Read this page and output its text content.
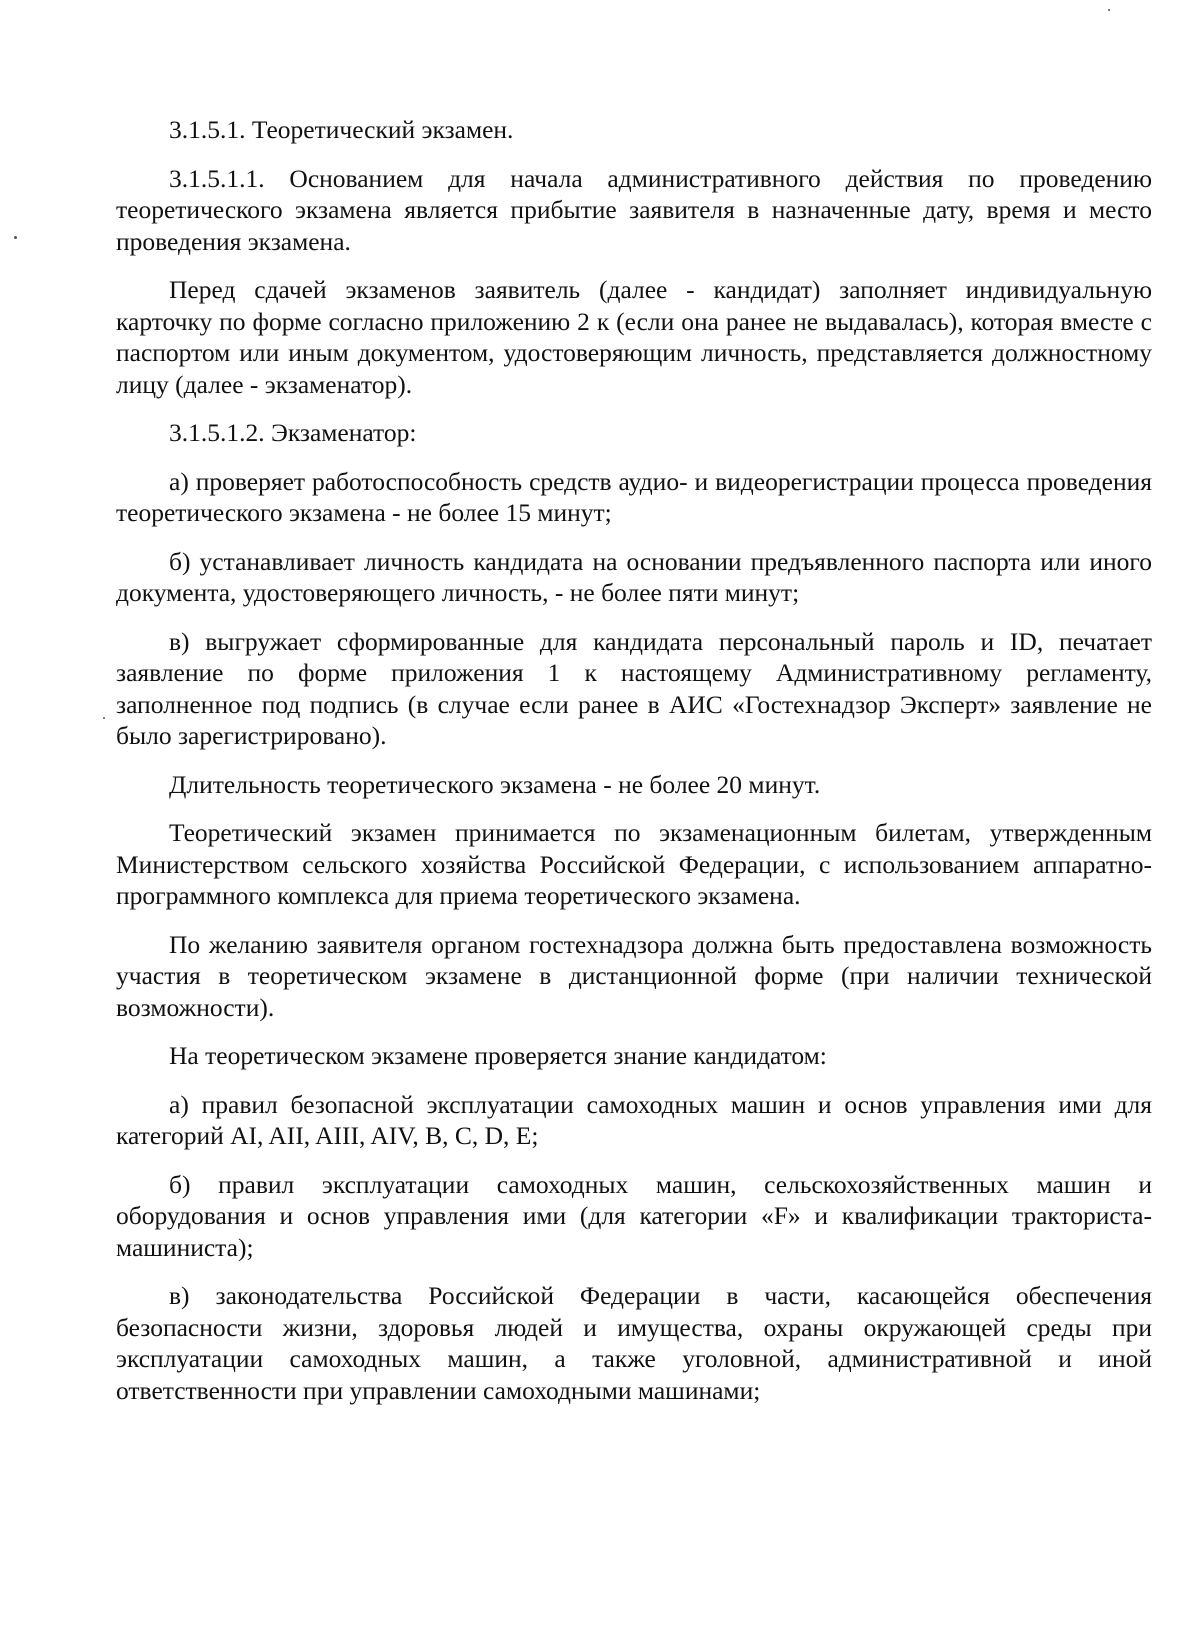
3.1.5.1. Теоретический экзамен.

3.1.5.1.1. Основанием для начала административного действия по проведению теоретического экзамена является прибытие заявителя в назначенные дату, время и место проведения экзамена.

Перед сдачей экзаменов заявитель (далее - кандидат) заполняет индивидуальную карточку по форме согласно приложению 2 к (если она ранее не выдавалась), которая вместе с паспортом или иным документом, удостоверяющим личность, представляется должностному лицу (далее - экзаменатор).

3.1.5.1.2. Экзаменатор:

а) проверяет работоспособность средств аудио- и видеорегистрации процесса проведения теоретического экзамена - не более 15 минут;

б) устанавливает личность кандидата на основании предъявленного паспорта или иного документа, удостоверяющего личность, - не более пяти минут;

в) выгружает сформированные для кандидата персональный пароль и ID, печатает заявление по форме приложения 1 к настоящему Административному регламенту, заполненное под подпись (в случае если ранее в АИС «Гостехнадзор Эксперт» заявление не было зарегистрировано).

Длительность теоретического экзамена - не более 20 минут.

Теоретический экзамен принимается по экзаменационным билетам, утвержденным Министерством сельского хозяйства Российской Федерации, с использованием аппаратно-программного комплекса для приема теоретического экзамена.

По желанию заявителя органом гостехнадзора должна быть предоставлена возможность участия в теоретическом экзамене в дистанционной форме (при наличии технической возможности).

На теоретическом экзамене проверяется знание кандидатом:

а) правил безопасной эксплуатации самоходных машин и основ управления ими для категорий AI, AII, AIII, AIV, B, C, D, E;

б) правил эксплуатации самоходных машин, сельскохозяйственных машин и оборудования и основ управления ими (для категории «F» и квалификации тракториста-машиниста);

в) законодательства Российской Федерации в части, касающейся обеспечения безопасности жизни, здоровья людей и имущества, охраны окружающей среды при эксплуатации самоходных машин, а также уголовной, административной и иной ответственности при управлении самоходными машинами;
